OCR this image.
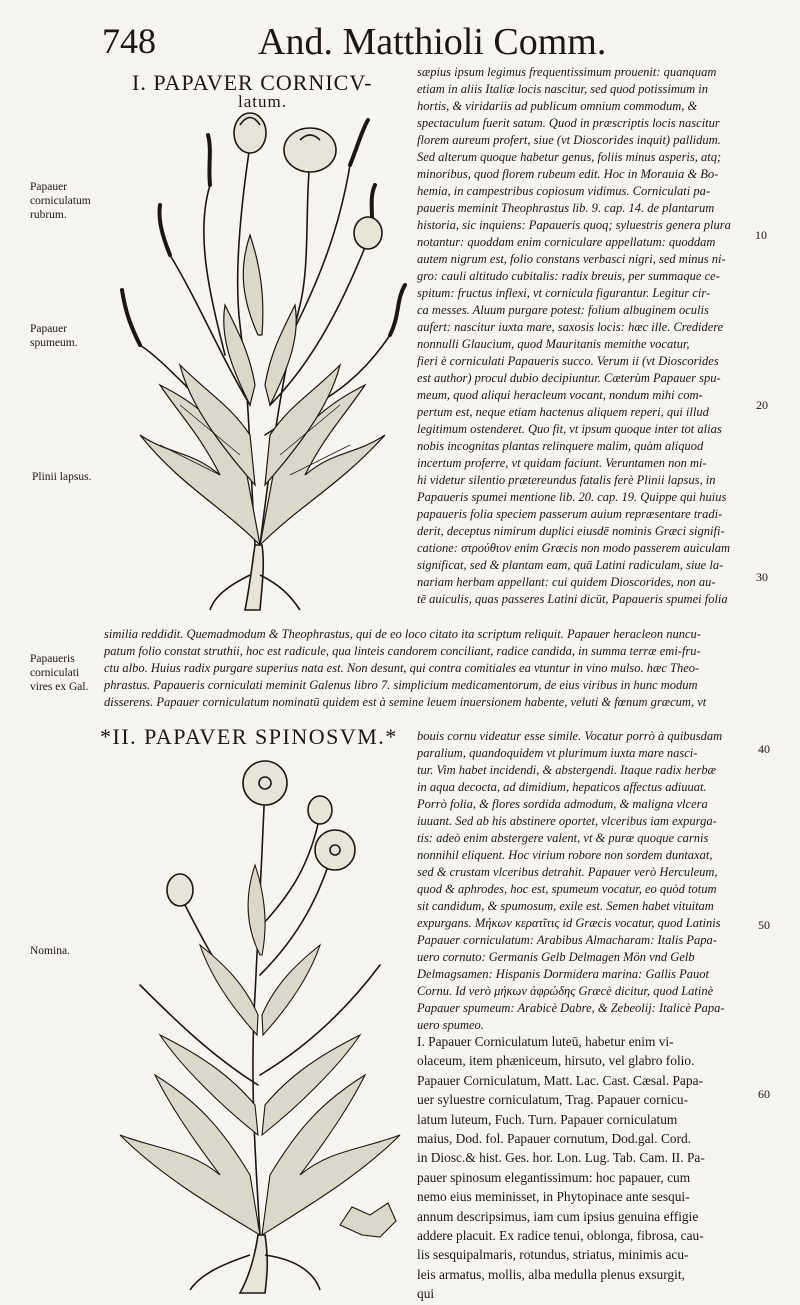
748	And. Matthioli Comm.
I. PAPAVER CORNICV-
latum.
*II. PAPAVER SPINOSVM.*
Papauer corniculatum rubrum.
Papauer spumeum.
Plinii lapsus.
Papaueris corniculati vires ex Gal.
Nomina.
10
20
30
40
50
60
sæpius ipsum legimus frequentissimum prouenit: quanquam
etiam in aliis Italiæ locis nascitur, sed quod potissimum in
hortis, & viridariis ad publicum omnium commodum, &
spectaculum fuerit satum. Quod in præscriptis locis nascitur
florem aureum profert, siue (vt Dioscorides inquit) pallidum.
Sed alterum quoque habetur genus, foliis minus asperis, atq;
minoribus, quod florem rubeum edit. Hoc in Morauia & Bo-
hemia, in campestribus copiosum vidimus. Corniculati pa-
paueris meminit Theophrastus lib. 9. cap. 14. de plantarum
historia, sic inquiens: Papaueris quoq; syluestris genera plura
notantur: quoddam enim corniculare appellatum: quoddam
autem nigrum est, folio constans verbasci nigri, sed minus ni-
gro: cauli altitudo cubitalis: radix breuis, per summaque ce-
spitum: fructus inflexi, vt cornicula figurantur. Legitur cir-
ca messes. Aluum purgare potest: folium albuginem oculis
aufert: nascitur iuxta mare, saxosis locis: hæc ille. Credidere
nonnulli Glaucium, quod Mauritanis memithe vocatur,
fieri è corniculati Papaueris succo. Verum ii (vt Dioscorides
est author) procul dubio decipiuntur. Cæterùm Papauer spu-
meum, quod aliqui heracleum vocant, nondum mihi com-
pertum est, neque etiam hactenus aliquem reperi, qui illud
legitimum ostenderet. Quo fit, vt ipsum quoque inter tot alias
nobis incognitas plantas relinquere malim, quàm aliquod
incertum proferre, vt quidam faciunt. Veruntamen non mi-
hi videtur silentio prætereundus fatalis ferè Plinii lapsus, in
Papaueris spumei mentione lib. 20. cap. 19. Quippe qui huius
papaueris folia speciem passerum auium repræsentare tradi-
derit, deceptus nimirum duplici eiusdē nominis Græci signifi-
catione: στρούθιον enim Græcis non modo passerem auiculam
significat, sed & plantam eam, quā Latini radiculam, siue la-
nariam herbam appellant: cui quidem Dioscorides, non au-
tē auiculis, quas passeres Latini dicūt, Papaueris spumei folia
similia reddidit. Quemadmodum & Theophrastus, qui de eo loco citato ita scriptum reliquit. Papauer heracleon nuncu-
patum folio constat struthii, hoc est radicule, qua linteis candorem conciliant, radice candida, in summa terræ emi-fru-
ctu albo. Huius radix purgare superius nata est. Non desunt, qui contra comitiales ea vtuntur in vino mulso. hæc Theo-
phrastus. Papaueris corniculati meminit Galenus libro 7. simplicium medicamentorum, de eius viribus in hunc modum
disserens. Papauer corniculatum nominatū quidem est à semine leuem inuersionem habente, veluti & fœnum græcum, vt
bouis cornu videatur esse simile. Vocatur porrò à quibusdam
paralium, quandoquidem vt plurimum iuxta mare nasci-
tur. Vim habet incidendi, & abstergendi. Itaque radix herbæ
in aqua decocta, ad dimidium, hepaticos affectus adiuuat.
Porrò folia, & flores sordida admodum, & maligna vlcera
iuuant. Sed ab his abstinere oportet, vlceribus iam expurga-
tis: adeò enim abstergere valent, vt & puræ quoque carnis
nonnihil eliquent. Hoc virium robore non sordem duntaxat,
sed & crustam vlceribus detrahit. Papauer verò Herculeum,
quod & aphrodes, hoc est, spumeum vocatur, eo quòd totum
sit candidum, & spumosum, exile est. Semen habet vituitam
expurgans. Μήκων κερατῖτις id Græcis vocatur, quod Latinis
Papauer corniculatum: Arabibus Almacharam: Italis Papa-
uero cornuto: Germanis Gelb Delmagen Mön vnd Gelb
Delmagsamen: Hispanis Dormidera marina: Gallis Pauot
Cornu. Id verò μήκων ἀφρώδης Græcè dicitur, quod Latinè
Papauer spumeum: Arabicè Dabre, & Zebeolij: Italicè Papa-
uero spumeo.
I. Papauer Corniculatum luteū, habetur enim vi-
olaceum, item phæniceum, hirsuto, vel glabro folio.
Papauer Corniculatum, Matt. Lac. Cast. Cæsal. Papa-
uer syluestre corniculatum, Trag. Papauer cornicu-
latum luteum, Fuch. Turn. Papauer corniculatum
maius, Dod. fol. Papauer cornutum, Dod.gal. Cord.
in Diosc.& hist. Ges. hor. Lon. Lug. Tab. Cam. II. Pa-
pauer spinosum elegantissimum: hoc papauer, cum
nemo eius meminisset, in Phytopinace ante sesqui-
annum descripsimus, iam cum ipsius genuina effigie
addere placuit. Ex radice tenui, oblonga, fibrosa, cau-
lis sesquipalmaris, rotundus, striatus, minimis acu-
leis armatus, mollis, alba medulla plenus exsurgit,
qui
